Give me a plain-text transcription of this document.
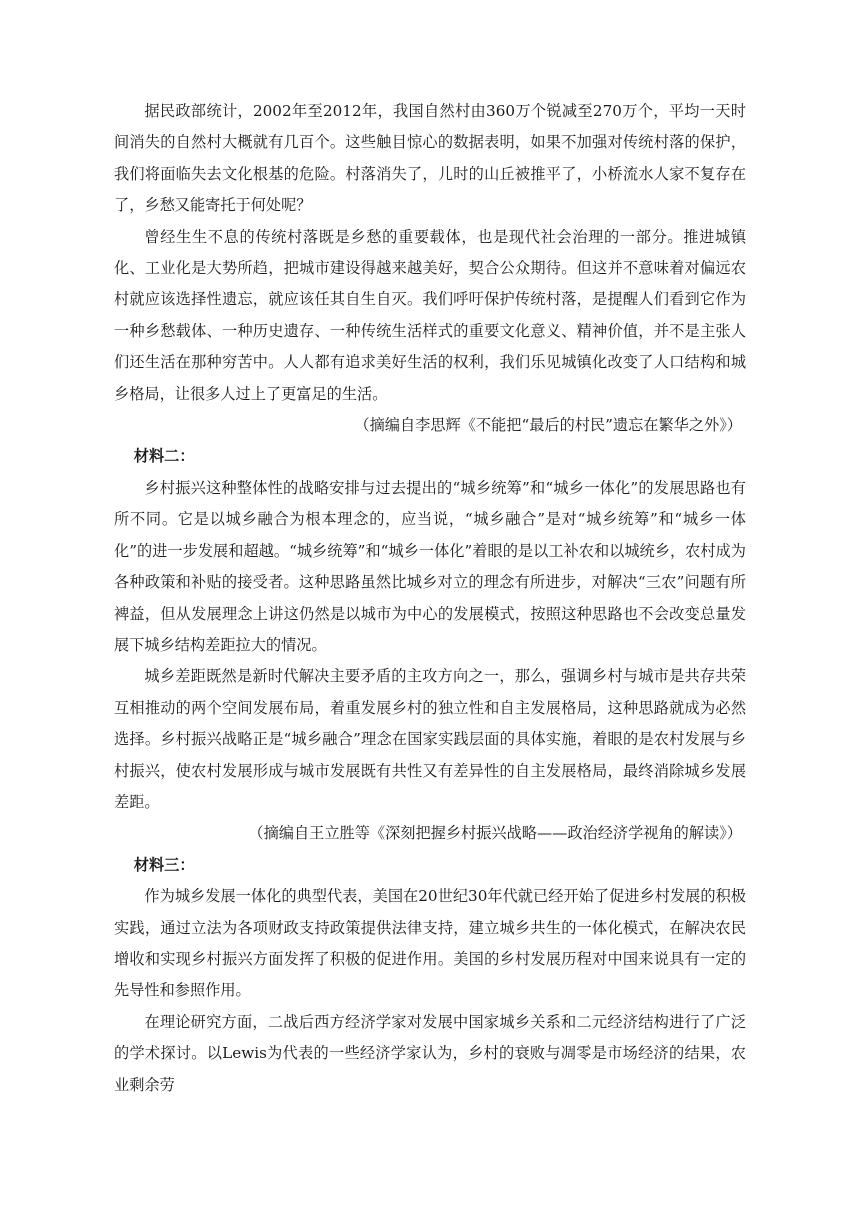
据民政部统计，2002年至2012年，我国自然村由360万个锐减至270万个，平均一天时间消失的自然村大概就有几百个。这些触目惊心的数据表明，如果不加强对传统村落的保护，我们将面临失去文化根基的危险。村落消失了，儿时的山丘被推平了，小桥流水人家不复存在了，乡愁又能寄托于何处呢？

曾经生生不息的传统村落既是乡愁的重要载体，也是现代社会治理的一部分。推进城镇化、工业化是大势所趋，把城市建设得越来越美好，契合公众期待。但这并不意味着对偏远农村就应该选择性遗忘，就应该任其自生自灭。我们呼吁保护传统村落，是提醒人们看到它作为一种乡愁载体、一种历史遗存、一种传统生活样式的重要文化意义、精神价值，并不是主张人们还生活在那种穷苦中。人人都有追求美好生活的权利，我们乐见城镇化改变了人口结构和城乡格局，让很多人过上了更富足的生活。

（摘编自李思辉《不能把“最后的村民”遗忘在繁华之外》）

材料二：

乡村振兴这种整体性的战略安排与过去提出的“城乡统筹”和“城乡一体化”的发展思路也有所不同。它是以城乡融合为根本理念的，应当说，“城乡融合”是对“城乡统筹”和“城乡一体化”的进一步发展和超越。“城乡统筹”和“城乡一体化”着眼的是以工补农和以城统乡，农村成为各种政策和补贴的接受者。这种思路虽然比城乡对立的理念有所进步，对解决“三农”问题有所裨益，但从发展理念上讲这仍然是以城市为中心的发展模式，按照这种思路也不会改变总量发展下城乡结构差距拉大的情况。

城乡差距既然是新时代解决主要矛盾的主攻方向之一，那么，强调乡村与城市是共存共荣互相推动的两个空间发展布局，着重发展乡村的独立性和自主发展格局，这种思路就成为必然选择。乡村振兴战略正是“城乡融合”理念在国家实践层面的具体实施，着眼的是农村发展与乡村振兴，使农村发展形成与城市发展既有共性又有差异性的自主发展格局，最终消除城乡发展差距。

（摘编自王立胜等《深刻把握乡村振兴战略——政治经济学视角的解读》）

材料三：

作为城乡发展一体化的典型代表，美国在20世纪30年代就已经开始了促进乡村发展的积极实践，通过立法为各项财政支持政策提供法律支持，建立城乡共生的一体化模式，在解决农民增收和实现乡村振兴方面发挥了积极的促进作用。美国的乡村发展历程对中国来说具有一定的先导性和参照作用。

在理论研究方面，二战后西方经济学家对发展中国家城乡关系和二元经济结构进行了广泛的学术探讨。以Lewis为代表的一些经济学家认为，乡村的衰败与凋零是市场经济的结果，农业剩余劳
